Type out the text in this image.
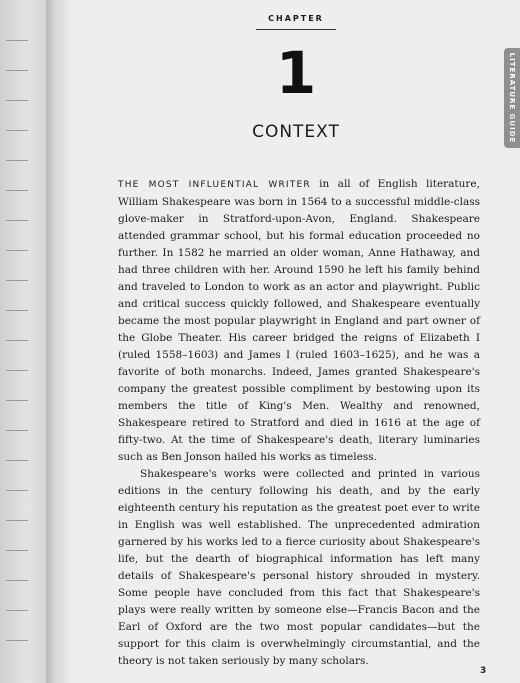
CHAPTER
1
CONTEXT
LITERATURE GUIDE

THE MOST INFLUENTIAL WRITER in all of English literature, William Shakespeare was born in 1564 to a successful middle-class glove-maker in Stratford-upon-Avon, England. Shakespeare attended grammar school, but his formal education proceeded no further. In 1582 he married an older woman, Anne Hathaway, and had three children with her. Around 1590 he left his family behind and traveled to London to work as an actor and playwright. Public and critical success quickly followed, and Shakespeare eventually became the most popular playwright in England and part owner of the Globe Theater. His career bridged the reigns of Elizabeth I (ruled 1558–1603) and James I (ruled 1603–1625), and he was a favorite of both monarchs. Indeed, James granted Shakespeare's company the greatest possible compliment by bestowing upon its members the title of King's Men. Wealthy and renowned, Shakespeare retired to Stratford and died in 1616 at the age of fifty-two. At the time of Shakespeare's death, literary luminaries such as Ben Jonson hailed his works as timeless.

Shakespeare's works were collected and printed in various editions in the century following his death, and by the early eighteenth century his reputation as the greatest poet ever to write in English was well established. The unprecedented admiration garnered by his works led to a fierce curiosity about Shakespeare's life, but the dearth of biographical information has left many details of Shakespeare's personal history shrouded in mystery. Some people have concluded from this fact that Shakespeare's plays were really written by someone else—Francis Bacon and the Earl of Oxford are the two most popular candidates—but the support for this claim is overwhelmingly circumstantial, and the theory is not taken seriously by many scholars.

3
